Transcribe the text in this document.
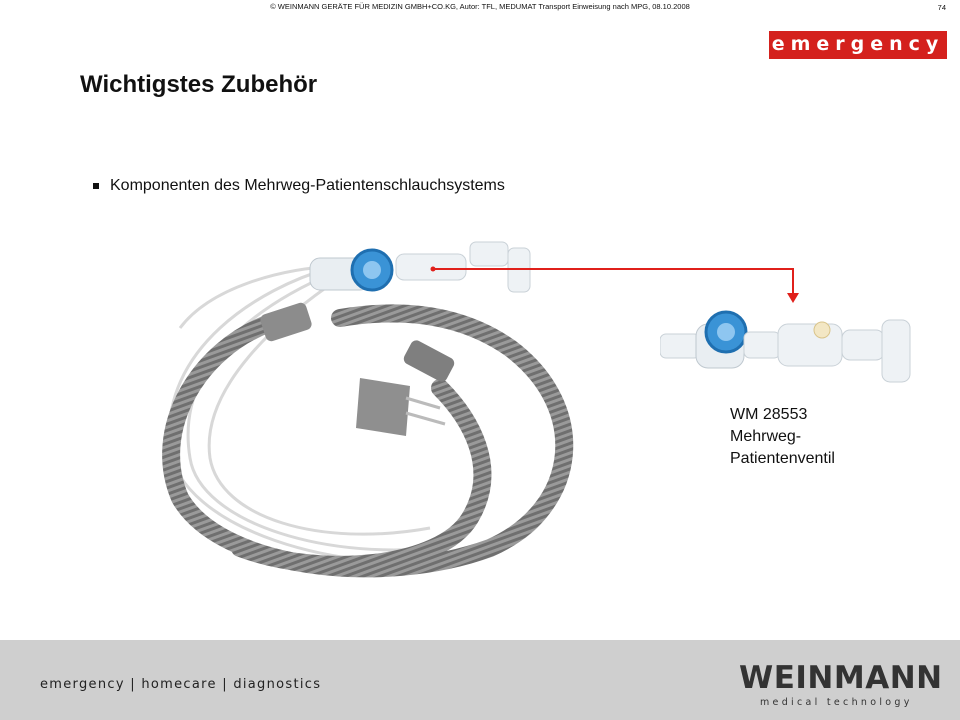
© WEINMANN GERÄTE FÜR MEDIZIN GMBH+CO.KG, Autor: TFL, MEDUMAT Transport Einweisung nach MPG, 08.10.2008	74
emergency
Wichtigstes Zubehör
Komponenten des Mehrweg-Patientenschlauchsystems
WM 28553
Mehrweg-
Patientenventil
emergency | homecare | diagnostics	WEINMANN
medical technology
